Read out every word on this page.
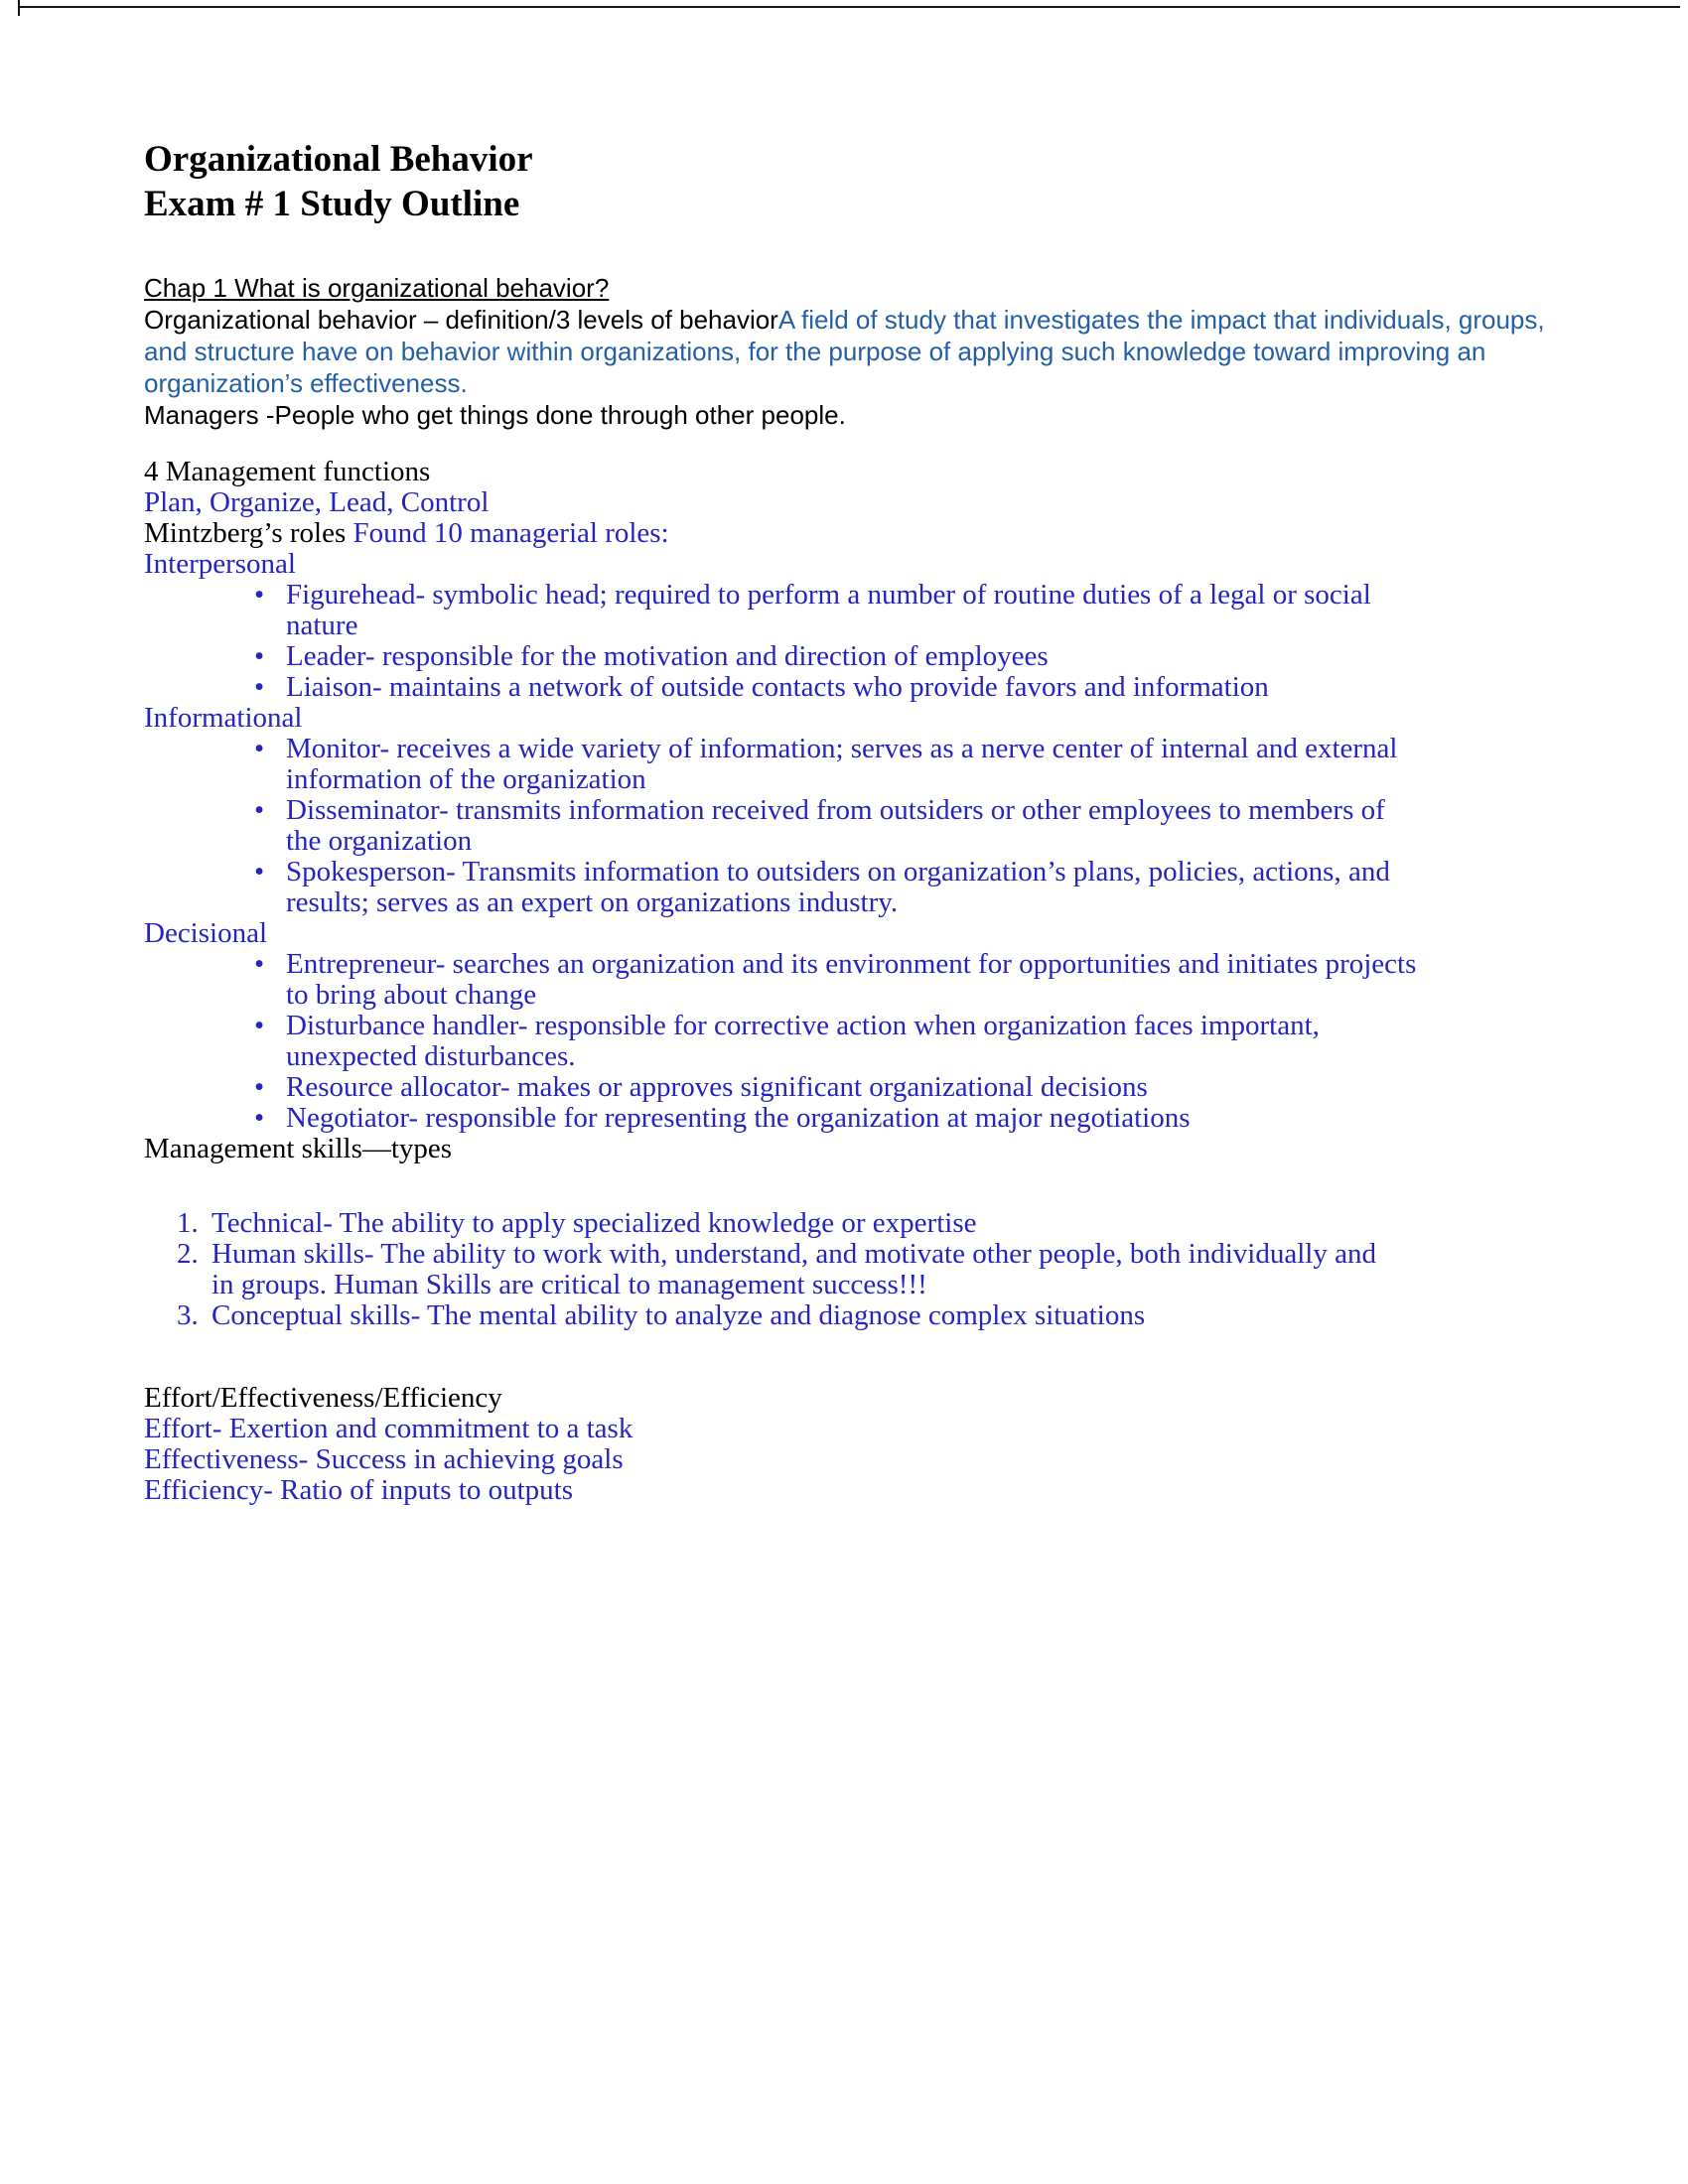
Organizational Behavior
Exam # 1 Study Outline

Chap 1 What is organizational behavior?

Organizational behavior – definition/3 levels of behaviorA field of study that investigates the impact that individuals, groups, and structure have on behavior within organizations, for the purpose of applying such knowledge toward improving an organization’s effectiveness.

Managers -People who get things done through other people.

4 Management functions

Plan, Organize, Lead, Control

Mintzberg’s roles Found 10 managerial roles:

Interpersonal

• Figurehead- symbolic head; required to perform a number of routine duties of a legal or social nature
• Leader- responsible for the motivation and direction of employees
• Liaison- maintains a network of outside contacts who provide favors and information

Informational

• Monitor- receives a wide variety of information; serves as a nerve center of internal and external information of the organization
• Disseminator- transmits information received from outsiders or other employees to members of the organization
• Spokesperson- Transmits information to outsiders on organization’s plans, policies, actions, and results; serves as an expert on organizations industry.

Decisional

• Entrepreneur- searches an organization and its environment for opportunities and initiates projects to bring about change
• Disturbance handler- responsible for corrective action when organization faces important, unexpected disturbances.
• Resource allocator- makes or approves significant organizational decisions
• Negotiator- responsible for representing the organization at major negotiations

Management skills—types

Technical- The ability to apply specialized knowledge or expertise
Human skills- The ability to work with, understand, and motivate other people, both individually and in groups. Human Skills are critical to management success!!!
Conceptual skills- The mental ability to analyze and diagnose complex situations

Effort/Effectiveness/Efficiency

Effort- Exertion and commitment to a task

Effectiveness- Success in achieving goals

Efficiency- Ratio of inputs to outputs
